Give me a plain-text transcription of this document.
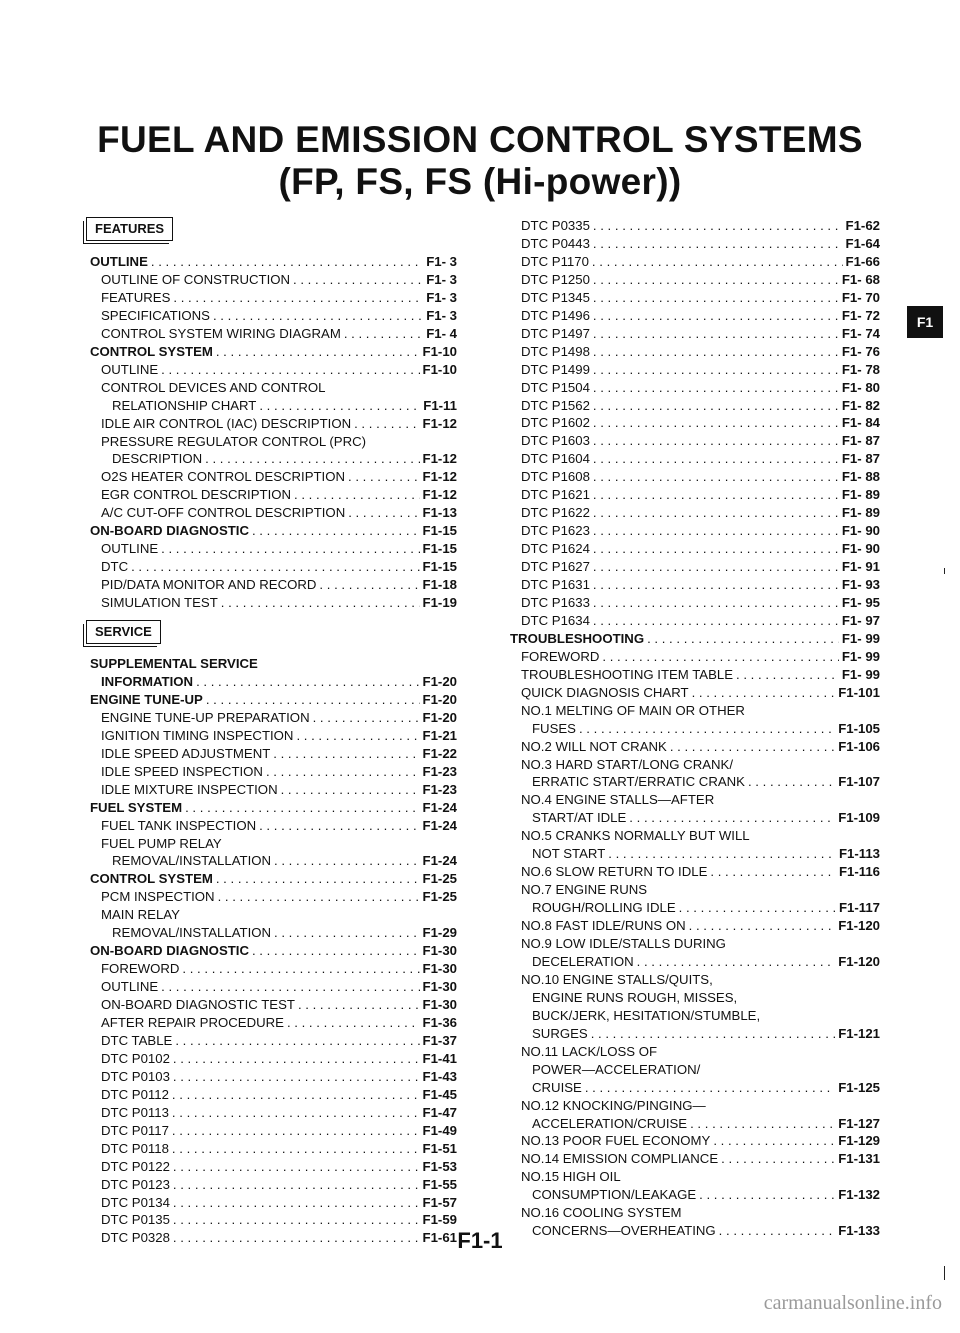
FUEL AND EMISSION CONTROL SYSTEMS
(FP, FS, FS (Hi-power))
FEATURES
SERVICE
OUTLINE . . .	F1- 3
OUTLINE OF CONSTRUCTION . . .	F1- 3
FEATURES . . .	F1- 3
SPECIFICATIONS . . .	F1- 3
CONTROL SYSTEM WIRING DIAGRAM . . .	F1- 4
CONTROL SYSTEM . . .	F1-10
OUTLINE . . .	F1-10
CONTROL DEVICES AND CONTROL
RELATIONSHIP CHART . . .	F1-11
IDLE AIR CONTROL (IAC) DESCRIPTION . . .	F1-12
PRESSURE REGULATOR CONTROL (PRC)
DESCRIPTION . . .	F1-12
O2S HEATER CONTROL DESCRIPTION . . .	F1-12
EGR CONTROL DESCRIPTION . . .	F1-12
A/C CUT-OFF CONTROL DESCRIPTION . . .	F1-13
ON-BOARD DIAGNOSTIC . . .	F1-15
OUTLINE . . .	F1-15
DTC . . .	F1-15
PID/DATA MONITOR AND RECORD . . .	F1-18
SIMULATION TEST . . .	F1-19
SUPPLEMENTAL SERVICE
INFORMATION . . .	F1-20
ENGINE TUNE-UP . . .	F1-20
ENGINE TUNE-UP PREPARATION . . .	F1-20
IGNITION TIMING INSPECTION . . .	F1-21
IDLE SPEED ADJUSTMENT . . .	F1-22
IDLE SPEED INSPECTION . . .	F1-23
IDLE MIXTURE INSPECTION . . .	F1-23
FUEL SYSTEM . . .	F1-24
FUEL TANK INSPECTION . . .	F1-24
FUEL PUMP RELAY
REMOVAL/INSTALLATION . . .	F1-24
CONTROL SYSTEM . . .	F1-25
PCM INSPECTION . . .	F1-25
MAIN RELAY
REMOVAL/INSTALLATION . . .	F1-29
ON-BOARD DIAGNOSTIC . . .	F1-30
FOREWORD . . .	F1-30
OUTLINE . . .	F1-30
ON-BOARD DIAGNOSTIC TEST . . .	F1-30
AFTER REPAIR PROCEDURE . . .	F1-36
DTC TABLE . . .	F1-37
DTC P0102 . . .	F1-41
DTC P0103 . . .	F1-43
DTC P0112 . . .	F1-45
DTC P0113 . . .	F1-47
DTC P0117 . . .	F1-49
DTC P0118 . . .	F1-51
DTC P0122 . . .	F1-53
DTC P0123 . . .	F1-55
DTC P0134 . . .	F1-57
DTC P0135 . . .	F1-59
DTC P0328 . . .	F1-61
DTC P0335 . . .	F1-62
DTC P0443 . . .	F1-64
DTC P1170 . . .	F1-66
DTC P1250 . . .	F1- 68
DTC P1345 . . .	F1- 70
DTC P1496 . . .	F1- 72
DTC P1497 . . .	F1- 74
DTC P1498 . . .	F1- 76
DTC P1499 . . .	F1- 78
DTC P1504 . . .	F1- 80
DTC P1562 . . .	F1- 82
DTC P1602 . . .	F1- 84
DTC P1603 . . .	F1- 87
DTC P1604 . . .	F1- 87
DTC P1608 . . .	F1- 88
DTC P1621 . . .	F1- 89
DTC P1622 . . .	F1- 89
DTC P1623 . . .	F1- 90
DTC P1624 . . .	F1- 90
DTC P1627 . . .	F1- 91
DTC P1631 . . .	F1- 93
DTC P1633 . . .	F1- 95
DTC P1634 . . .	F1- 97
TROUBLESHOOTING . . .	F1- 99
FOREWORD . . .	F1- 99
TROUBLESHOOTING ITEM TABLE . . .	F1- 99
QUICK DIAGNOSIS CHART . . .	F1-101
NO.1 MELTING OF MAIN OR OTHER
FUSES . . .	F1-105
NO.2 WILL NOT CRANK . . .	F1-106
NO.3 HARD START/LONG CRANK/
ERRATIC START/ERRATIC CRANK . . .	F1-107
NO.4 ENGINE STALLS—AFTER
START/AT IDLE . . .	F1-109
NO.5 CRANKS NORMALLY BUT WILL
NOT START . . .	F1-113
NO.6 SLOW RETURN TO IDLE . . .	F1-116
NO.7 ENGINE RUNS
ROUGH/ROLLING IDLE . . .	F1-117
NO.8 FAST IDLE/RUNS ON . . .	F1-120
NO.9 LOW IDLE/STALLS DURING
DECELERATION . . .	F1-120
NO.10 ENGINE STALLS/QUITS,
ENGINE RUNS ROUGH, MISSES,
BUCK/JERK, HESITATION/STUMBLE,
SURGES . . .	F1-121
NO.11 LACK/LOSS OF
POWER—ACCELERATION/
CRUISE . . .	F1-125
NO.12 KNOCKING/PINGING—
ACCELERATION/CRUISE . . .	F1-127
NO.13 POOR FUEL ECONOMY . . .	F1-129
NO.14 EMISSION COMPLIANCE . . .	F1-131
NO.15 HIGH OIL
CONSUMPTION/LEAKAGE . . .	F1-132
NO.16 COOLING SYSTEM
CONCERNS—OVERHEATING . . .	F1-133
F1
F1-1
carmanualsonline.info
